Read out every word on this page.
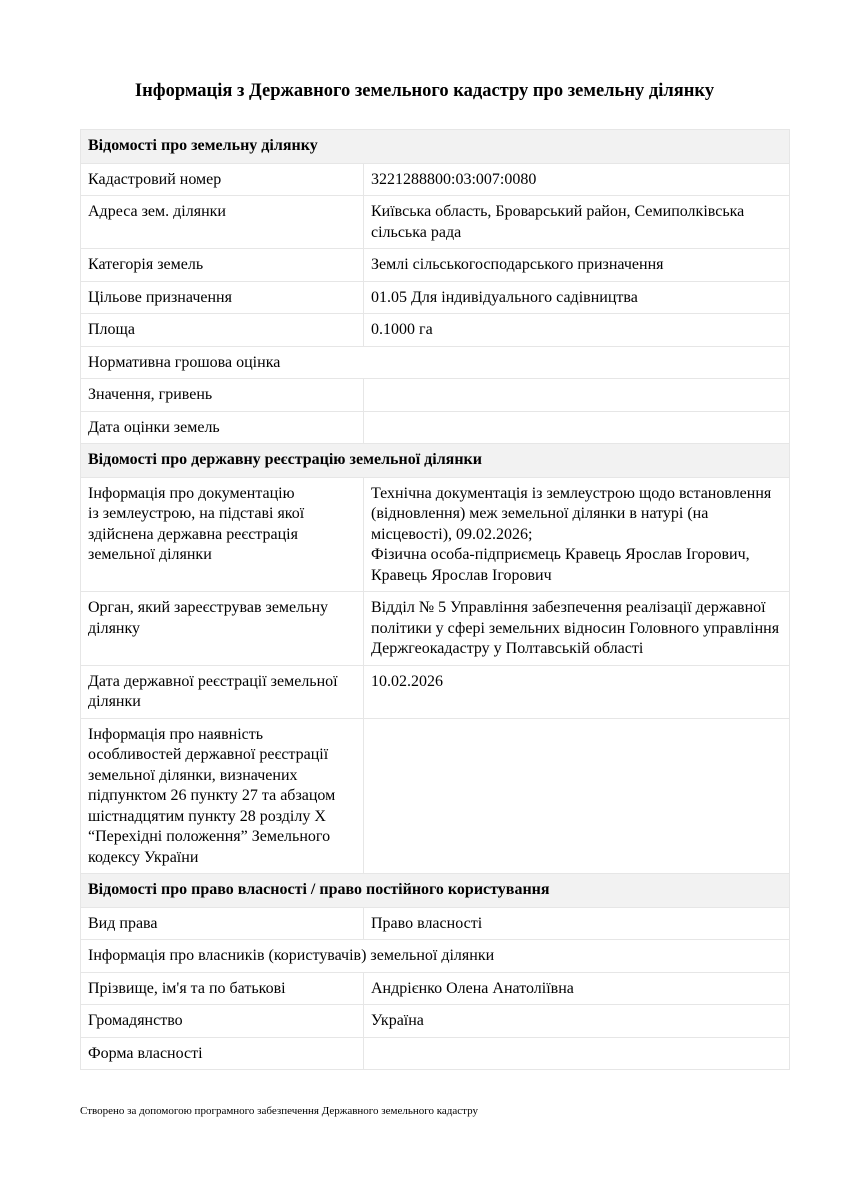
Інформація з Державного земельного кадастру про земельну ділянку
Відомості про земельну ділянку	
Кадастровий номер	3221288800:03:007:0080
Адреса зем. ділянки	Київська область, Броварський район, Семиполківська сільська рада
Категорія земель	Землі сільськогосподарського призначення
Цільове призначення	01.05 Для індивідуального садівництва
Площа	0.1000 га
Нормативна грошова оцінка	
Значення, гривень	
Дата оцінки земель	
Відомості про державну реєстрацію земельної ділянки	
Інформація про документацію
із землеустрою, на підставі якої здійснена державна реєстрація земельної ділянки	Технічна документація із землеустрою щодо встановлення (відновлення) меж земельної ділянки в натурі (на місцевості), 09.02.2026;
Фізична особа-підприємець Кравець Ярослав Ігорович, Кравець Ярослав Ігорович
Орган, який зареєстрував земельну ділянку	Відділ № 5 Управління забезпечення реалізації державної політики у сфері земельних відносин Головного управління Держгеокадастру у Полтавській області
Дата державної реєстрації земельної ділянки	10.02.2026
Інформація про наявність особливостей державної реєстрації земельної ділянки, визначених підпунктом 26 пункту 27 та абзацом шістнадцятим пункту 28 розділу X “Перехідні положення” Земельного кодексу України	
Відомості про право власності / право постійного користування	
Вид права	Право власності
Інформація про власників (користувачів) земельної ділянки	
Прізвище, ім'я та по батькові	Андрієнко Олена Анатоліївна
Громадянство	Україна
Форма власності	
Створено за допомогою програмного забезпечення Державного земельного кадастру
